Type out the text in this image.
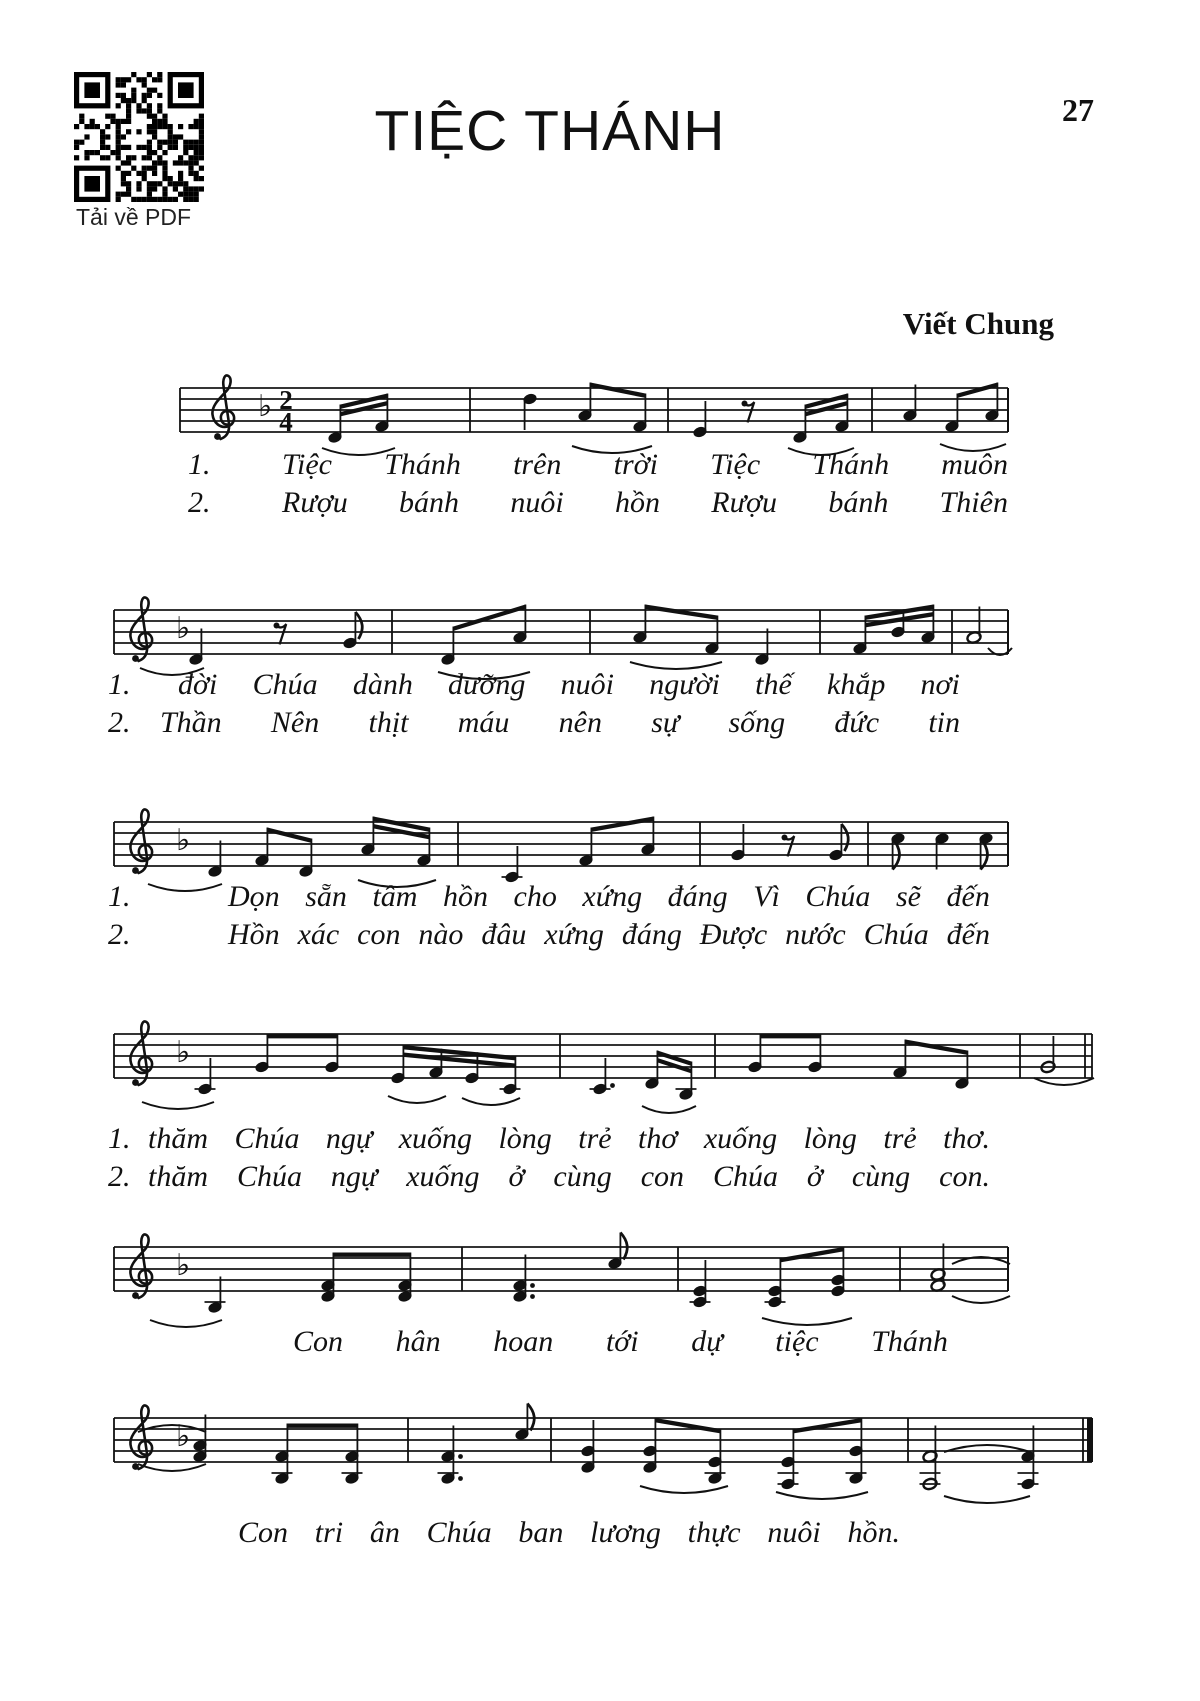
Tải về PDF
TIỆC THÁNH	27
Viết Chung
♭ 2
4
♭
♭
♭
♭
♭
1. Tiệc Thánh trên trời Tiệc Thánh muôn
2. Rượu bánh nuôi hồn Rượu bánh Thiên
1. đời Chúa dành dưỡng nuôi người thế khắp nơi
2. Thần Nên thịt máu nên sự sống đức tin
1.	Dọn sẵn tâm hồn cho xứng đáng Vì Chúa sẽ đến
2.	Hồn xác con nào đâu xứng đáng Được nước Chúa đến
1. thăm Chúa ngự xuống lòng trẻ thơ xuống lòng trẻ thơ.
2. thăm Chúa ngự xuống ở cùng con Chúa ở cùng con.
Con hân hoan tới dự tiệc Thánh
Con tri ân Chúa ban lương thực nuôi hồn.
